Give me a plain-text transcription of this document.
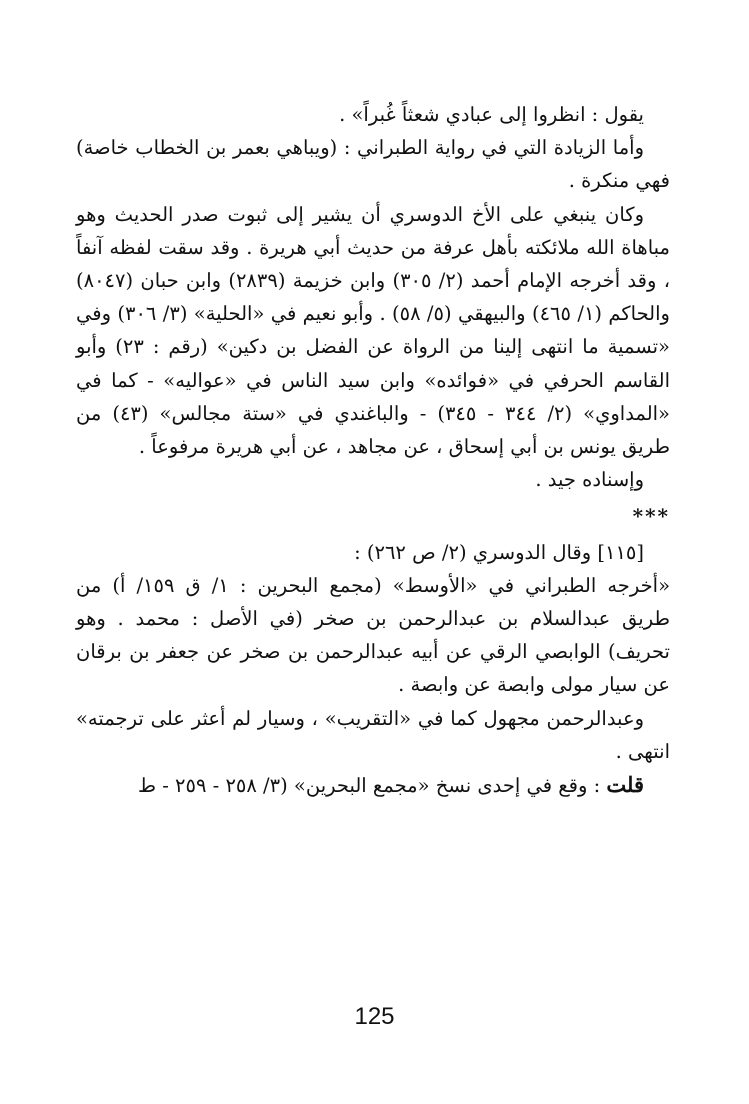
يقول : انظروا إلى عبادي شعثاً غُبراً» .

وأما الزيادة التي في رواية الطبراني : (ويباهي بعمر بن الخطاب خاصة) فهي منكرة .

وكان ينبغي على الأخ الدوسري أن يشير إلى ثبوت صدر الحديث وهو مباهاة الله ملائكته بأهل عرفة من حديث أبي هريرة . وقد سقت لفظه آنفاً ، وقد أخرجه الإمام أحمد (٢/ ٣٠٥) وابن خزيمة (٢٨٣٩) وابن حبان (٨٠٤٧) والحاكم (١/ ٤٦٥) والبيهقي (٥/ ٥٨) . وأبو نعيم في «الحلية» (٣/ ٣٠٦) وفي «تسمية ما انتهى إلينا من الرواة عن الفضل بن دكين» (رقم : ٢٣) وأبو القاسم الحرفي في «فوائده» وابن سيد الناس في «عواليه» - كما في «المداوي» (٢/ ٣٤٤ - ٣٤٥) - والباغندي في «ستة مجالس» (٤٣) من طريق يونس بن أبي إسحاق ، عن مجاهد ، عن أبي هريرة مرفوعاً .

وإسناده جيد .

***

[١١٥] وقال الدوسري (٢/ ص ٢٦٢) :

«أخرجه الطبراني في «الأوسط» (مجمع البحرين : ١/ ق ١٥٩/ أ) من طريق عبدالسلام بن عبدالرحمن بن صخر (في الأصل : محمد . وهو تحريف) الوابصي الرقي عن أبيه عبدالرحمن بن صخر عن جعفر بن برقان عن سيار مولى وابصة عن وابصة .

وعبدالرحمن مجهول كما في «التقريب» ، وسيار لم أعثر على ترجمته» انتهى .

قلت : وقع في إحدى نسخ «مجمع البحرين» (٣/ ٢٥٨ - ٢٥٩ - ط

125
